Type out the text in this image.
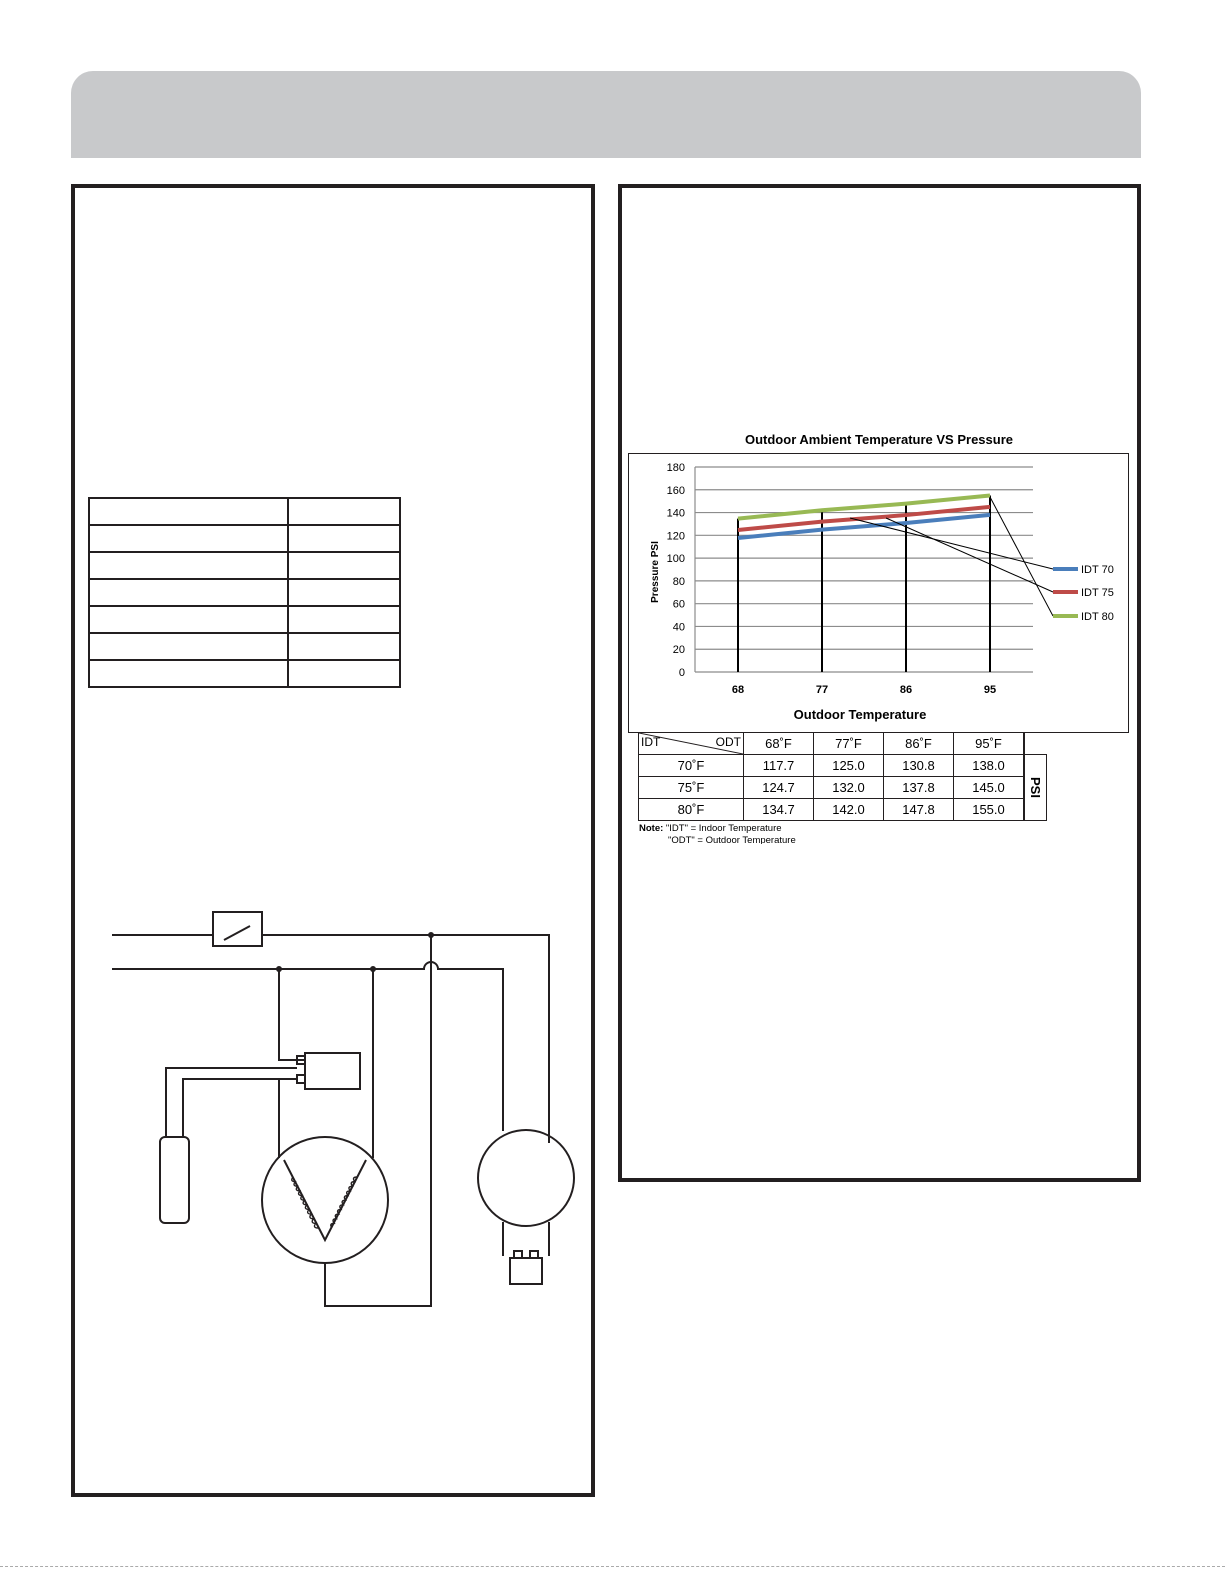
Outdoor Ambient Temperature VS Pressure
0
20
40
60
80
100
120
140
160
180
68	77	86	95
IDT 70
IDT 75
IDT 80
Outdoor Temperature
Pressure PSI
IDT ODT	68˚F	77˚F	86˚F	95˚F	
70˚F	117.7	125.0	130.8	138.0	PSI
75˚F	124.7	132.0	137.8	145.0	
80˚F	134.7	142.0	147.8	155.0	
Note: "IDT" = Indoor Temperature
"ODT" = Outdoor Temperature
